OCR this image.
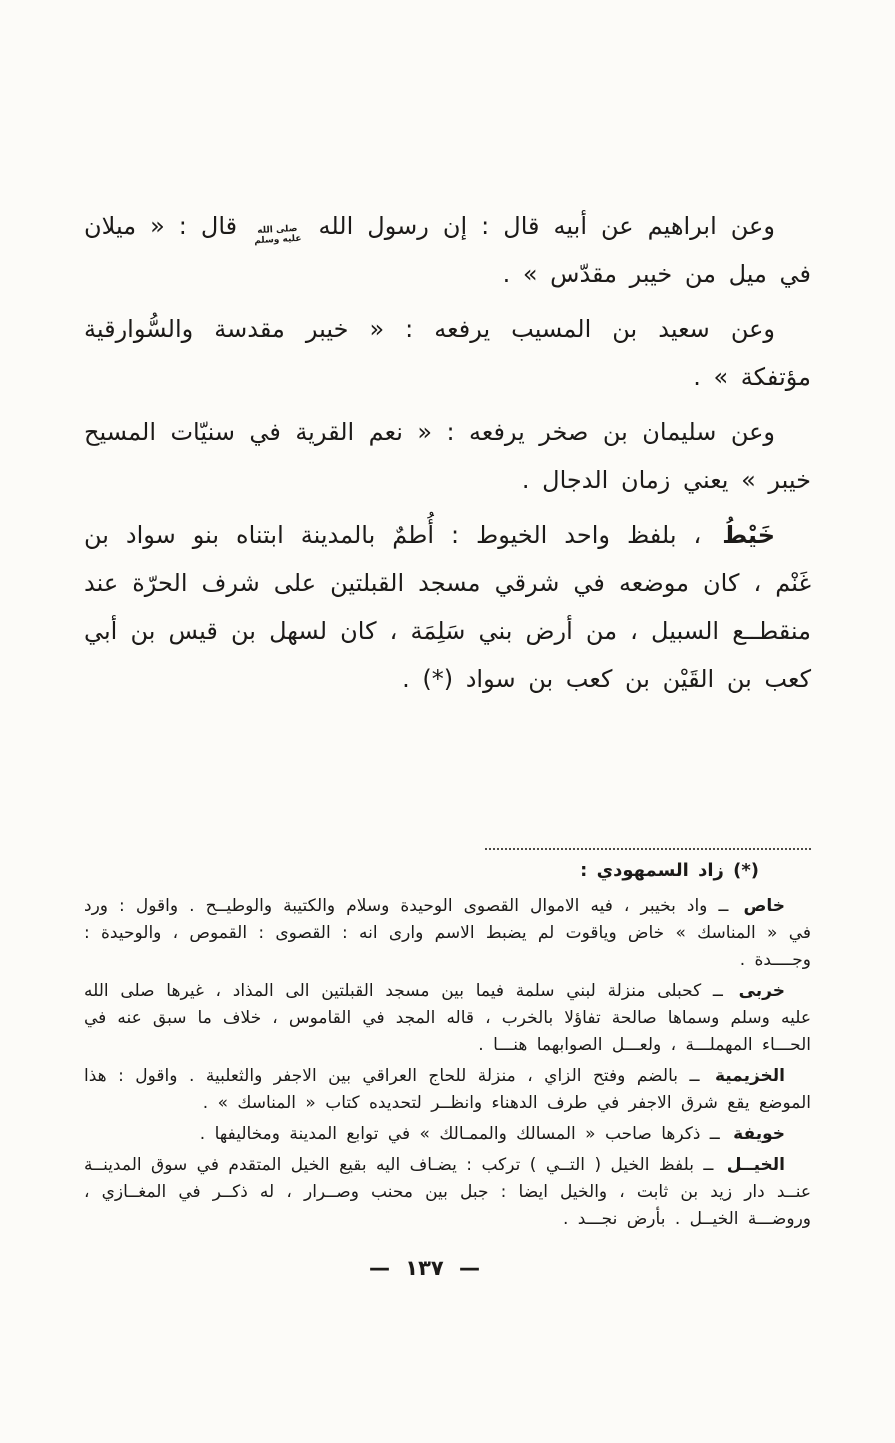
وعن ابراهيم عن أبيه قال : إن رسول الله
صلى الله
عليه وسلم
قال : « ميلان في ميل من خيبر مقدّس » .

وعن سعيد بن المسيب يرفعه : « خيبر مقدسة والسُّوارقية مؤتفكة » .

وعن سليمان بن صخر يرفعه : « نعم القرية في سنيّات المسيح خيبر » يعني زمان الدجال .

خَيْطُ ، بلفظ واحد الخيوط : أُطمٌ بالمدينة ابتناه بنو سواد بن غَنْم ، كان موضعه في شرقي مسجد القبلتين على شرف الحرّة عند منقطــع السبيل ، من أرض بني سَلِمَة ، كان لسهل بن قيس بن أبي كعب بن القَيْن بن كعب بن سواد (*) .

(*) زاد السمهودي :
خاص ــ واد بخيبر ، فيه الاموال القصوى الوحيدة وسلام والكتيبة والوطيــح . واقول : ورد في « المناسك » خاض وياقوت لم يضبط الاسم وارى انه : القصوى : القموص ، والوحيدة : وجــــدة .
خربى ــ كحبلى منزلة لبني سلمة فيما بين مسجد القبلتين الى المذاد ، غيرها صلى الله عليه وسلم وسماها صالحة تفاؤلا بالخرب ، قاله المجد في القاموس ، خلاف ما سبق عنه في الحـــاء المهملـــة ، ولعـــل الصوابهما هنـــا .
الخزيمية ــ بالضم وفتح الزاي ، منزلة للحاج العراقي بين الاجفر والثعلبية . واقول : هذا الموضع يقع شرق الاجفر في طرف الدهناء وانظــر لتحديده كتاب « المناسك » .
خويفة ــ ذكرها صاحب « المسالك والممـالك » في توابع المدينة ومخاليفها .
الخيــل ــ بلفظ الخيل ( التــي ) تركب : يضـاف اليه بقيع الخيل المتقدم في سوق المدينــة عنــد دار زيد بن ثابت ، والخيل ايضا : جبل بين محنب وصــرار ، له ذكــر في المغــازي ، وروضـــة الخيــل . بأرض نجـــد .
— ١٣٧ —
